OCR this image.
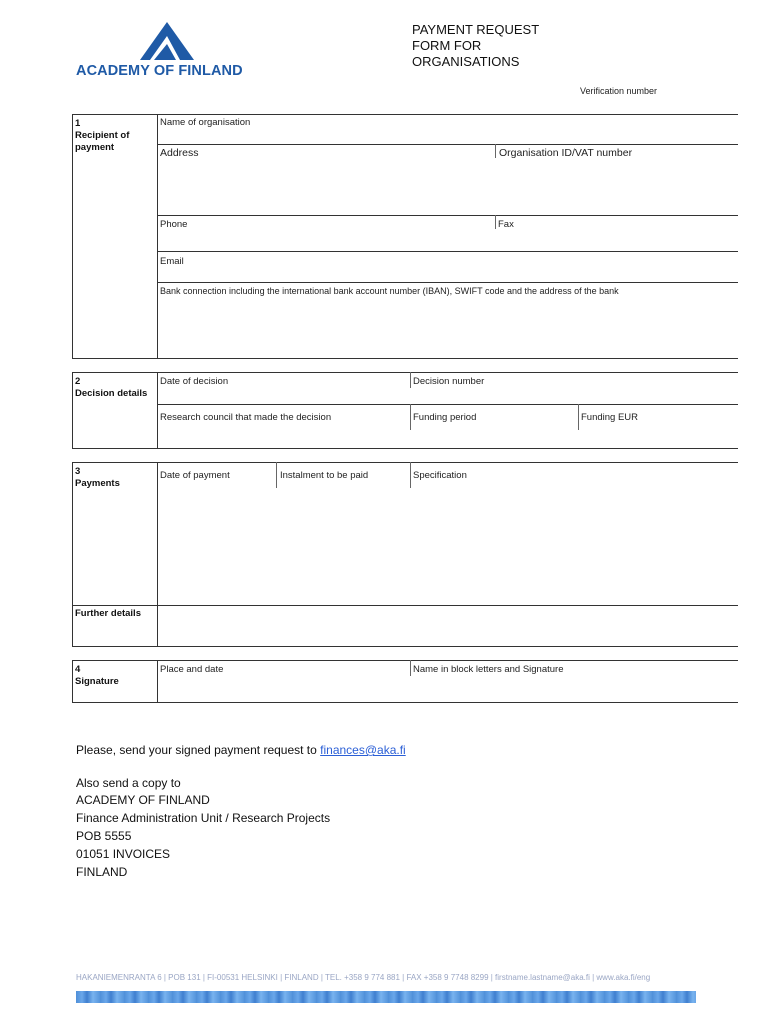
ACADEMY OF FINLAND
PAYMENT REQUEST
FORM FOR
ORGANISATIONS
Verification number
1
Recipient of
payment
Name of organisation
Address	Organisation ID/VAT number
Phone	Fax
Email
Bank connection including the international bank account number (IBAN), SWIFT code and the address of the bank
2
Decision details
Date of decision	Decision number
Research council that made the decision	Funding period	Funding EUR
3
Payments
Date of payment	Instalment to be paid	Specification
Further details
4
Signature
Place and date	Name in block letters and Signature
Please, send your signed payment request to finances@aka.fi
Also send a copy to
ACADEMY OF FINLAND
Finance Administration Unit / Research Projects
POB 5555
01051 INVOICES
FINLAND
HAKANIEMENRANTA 6 | POB 131 | FI-00531 HELSINKI | FINLAND | TEL. +358 9 774 881 | FAX +358 9 7748 8299 | firstname.lastname@aka.fi | www.aka.fi/eng
